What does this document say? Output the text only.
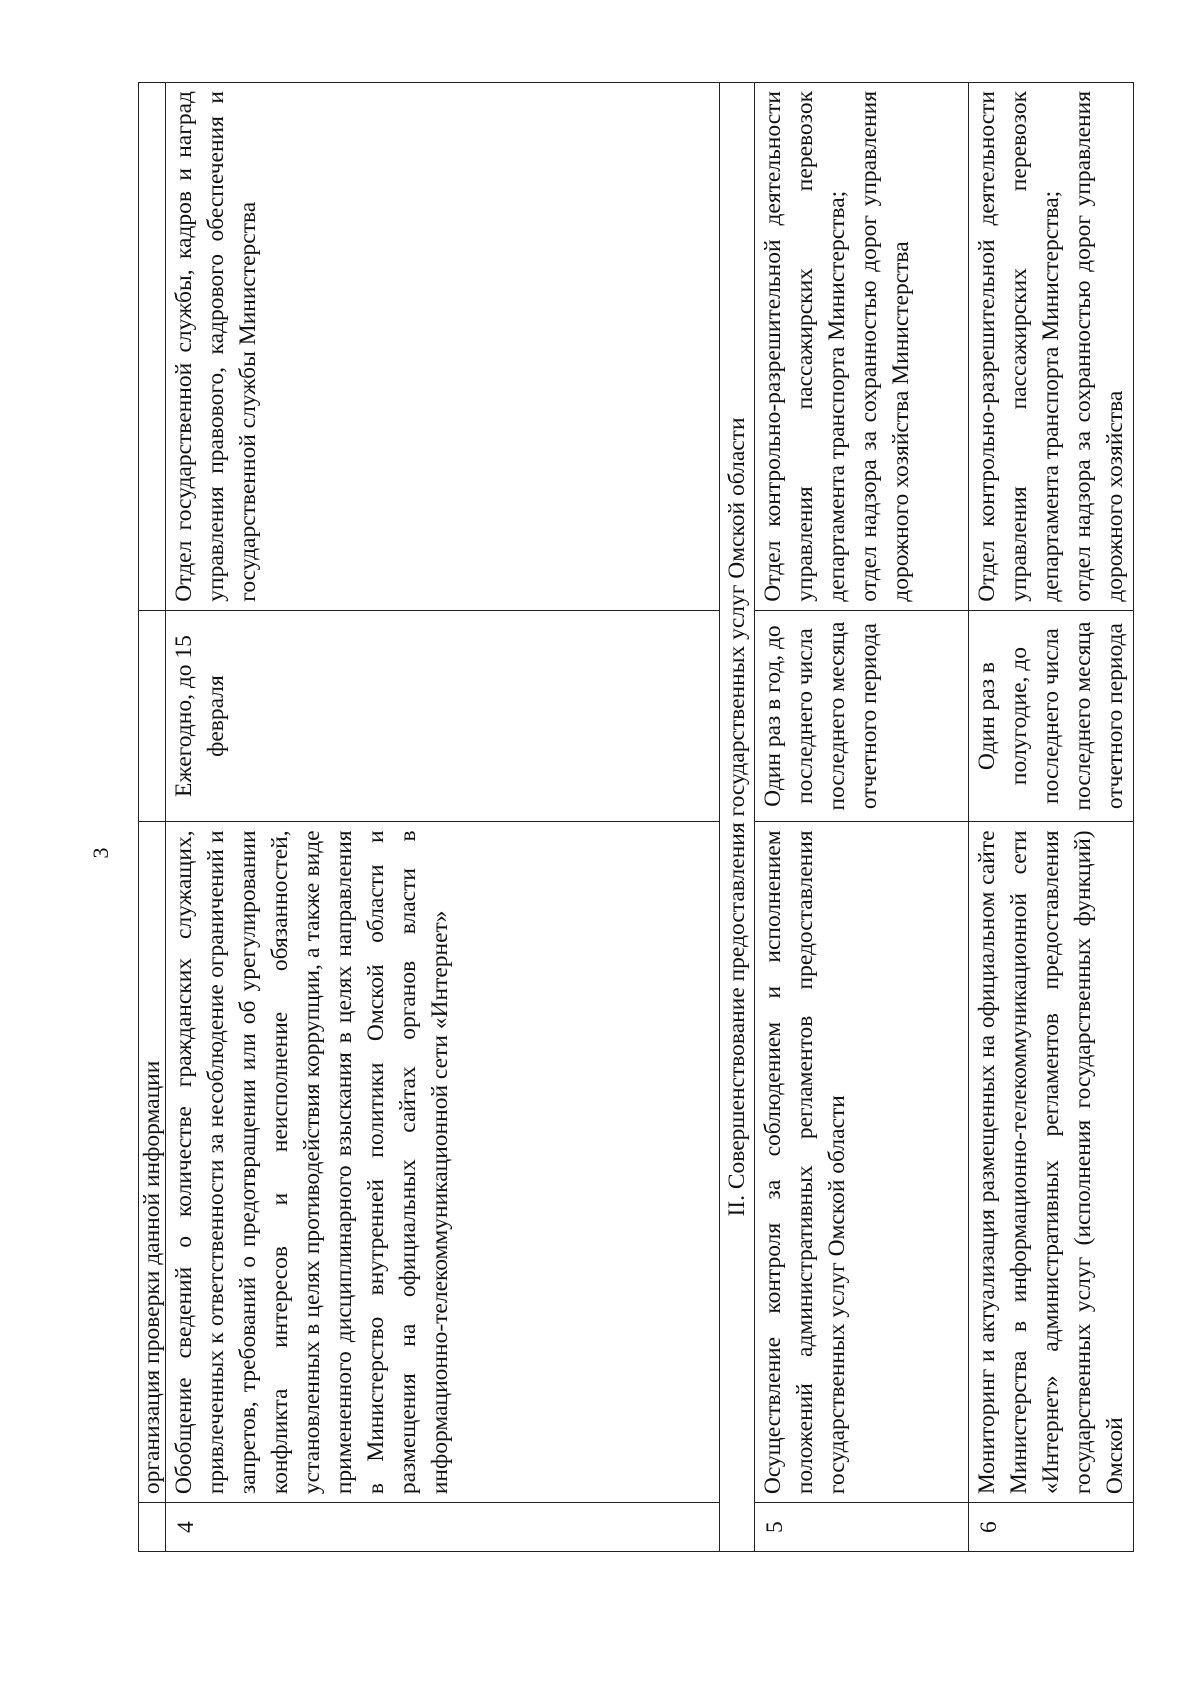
3
	организация проверки данной информации		
4	Обобщение сведений о количестве гражданских служащих, привлеченных к ответственности за несоблюдение ограничений и запретов, требований о предотвращении или об урегулировании конфликта интересов и неисполнение обязанностей, установленных в целях противодействия коррупции, а также виде примененного дисциплинарного взыскания в целях направления в Министерство внутренней политики Омской области и размещения на официальных сайтах органов власти в информационно-телекоммуникационной сети «Интернет»	Ежегодно, до 15 февраля	Отдел государственной службы, кадров и наград управления правового, кадрового обеспечения и государственной службы Министерства
II. Совершенствование предоставления государственных услуг Омской области			
5	Осуществление контроля за соблюдением и исполнением положений административных регламентов предоставления государственных услуг Омской области	Один раз в год, до последнего числа последнего месяца отчетного периода	Отдел контрольно-разрешительной деятельности управления пассажирских перевозок департамента транспорта Министерства; отдел надзора за сохранностью дорог управления дорожного хозяйства Министерства

6	Мониторинг и актуализация размещенных на официальном сайте Министерства в информационно-телекоммуникационной сети «Интернет» административных регламентов предоставления государственных услуг (исполнения государственных функций) Омской	Один раз в полугодие, до последнего числа последнего месяца отчетного периода	Отдел контрольно-разрешительной деятельности управления пассажирских перевозок департамента транспорта Министерства; отдел надзора за сохранностью дорог управления дорожного хозяйства
